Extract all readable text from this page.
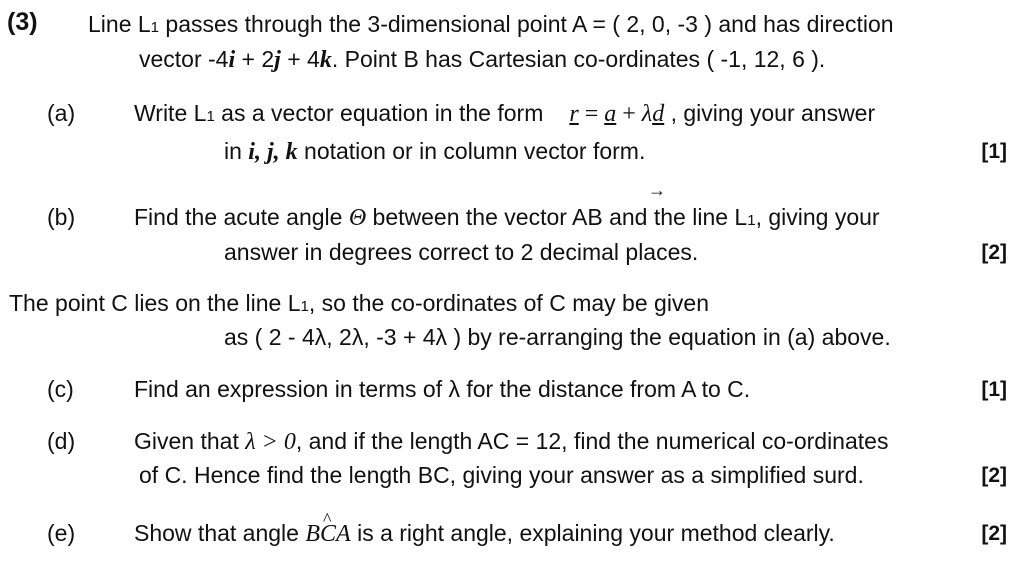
(3) Line L1 passes through the 3-dimensional point A = ( 2, 0, -3 ) and has direction
vector -4i + 2j + 4k. Point B has Cartesian co-ordinates ( -1, 12, 6 ).
(a)	Write L1 as a vector equation in the form r = a + λd , giving your answer
in i, j, k notation or in column vector form.	[1]
→
(b)	Find the acute angle Θ between the vector AB and the line L1, giving your
answer in degrees correct to 2 decimal places.	[2]
The point C lies on the line L1, so the co-ordinates of C may be given
as ( 2 - 4λ, 2λ, -3 + 4λ ) by re-arranging the equation in (a) above.
(c)	Find an expression in terms of λ for the distance from A to C.	[1]
(d)	Given that λ > 0, and if the length AC = 12, find the numerical co-ordinates
of C. Hence find the length BC, giving your answer as a simplified surd.	[2]
(e)	Show that angle B^ CA is a right angle, explaining your method clearly.	[2]
